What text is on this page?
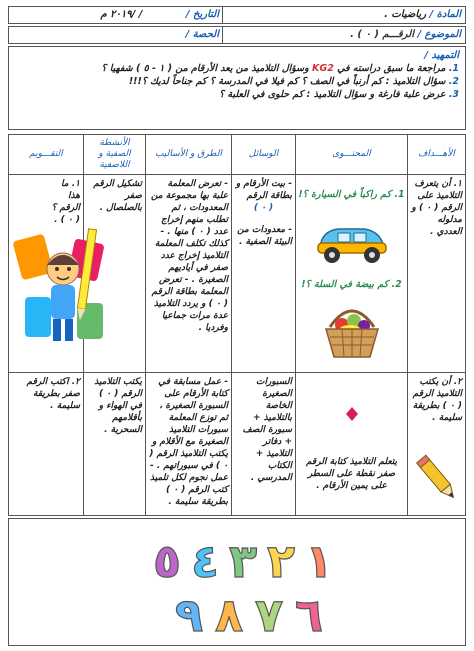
المادة / رياضيات .
التاريخ / / /٢٠١٩ م
الموضوع / الرقـــم ( ٠ ) .
الحصة /
التمهيد /
1. مراجعة ما سبق دراسته في KG2 وسؤال التلاميذ من يعد الأرقام من ( ١ - ٥ ) شفهيا ؟
2. سؤال التلاميذ : كم أرنباً في الصف ؟ كم فيلا في المدرسة ؟ كم جناحاً لديك ؟!!!
3. عرض علبة فارغة و سؤال التلاميذ : كم حلوى في العلبة ؟
الأهـــداف
١. أن يتعرف التلاميذ على الرقم ( ٠ ) و مدلوله العددي .
٢. أن يكتب التلاميذ الرقم ( ٠ ) بطريقة سليمة .
المحتـــوى
1. كم راكباً في السيارة ؟!
2. كم بيضة في السلة ؟!
يتعلم التلاميذ كتابة الرقم صفر نقطة على السطر على يمين الأرقام .
الوسائل
- بيت الأرقام و بطاقة الرقم
( ٠ )
- معدودات من البيئة الصفية .
السبورات الصغيرة الخاصة بالتلاميذ + سبورة الصف + دفاتر التلاميذ + الكتاب المدرسي .
الطرق و الأساليب
- تعرض المعلمة علبة بها مجموعة من المعدودات ، ثم تطلب منهم إخراج عدد ( ٠ ) منها . - كذلك تكلف المعلمة التلاميذ إخراج عدد صفر في أياديهم الصغيرة . - تعرض المعلمة بطاقة الرقم ( ٠ ) و يردد التلاميذ عدة مرات جماعيا وفرديا .
- عمل مسابقة في كتابة الأرقام على السبورة الصغيرة ، ثم توزع المعلمة سبورات التلاميذ الصغيرة مع الأقلام و يكتب التلاميذ الرقم ( ٠ ) في سبوراتهم . - عمل نجوم لكل تلميذ كتب الرقم ( ٠ ) بطريقة سليمة .
الأنشطة الصفية و اللاصفية
تشكيل الرقم صفر بالصلصال .
يكتب التلاميذ الرقم ( ٠ ) في الهواء و بأقلامهم السحرية .
التقـــويم
١. ما هذا الرقم ؟ ( ٠ ) .
٢. اكتب الرقم صفر بطريقة سليمة .
١
٢
٣
٤
٥
٦
٧
٨
٩
